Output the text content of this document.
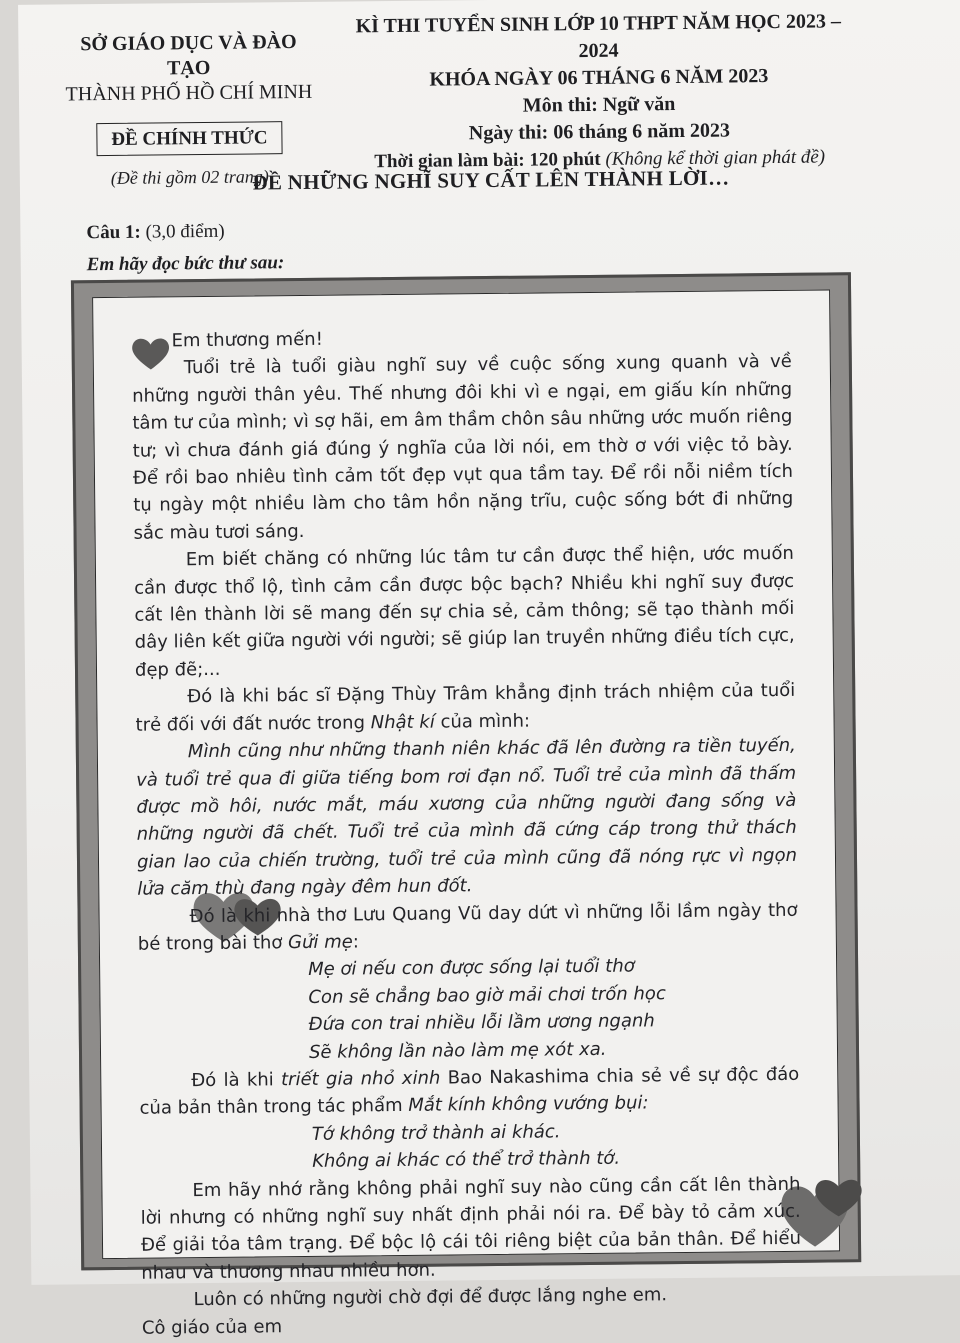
SỞ GIÁO DỤC VÀ ĐÀO TẠO
THÀNH PHỐ HỒ CHÍ MINH
ĐỀ CHÍNH THỨC
(Đề thi gồm 02 trang)
KÌ THI TUYỂN SINH LỚP 10 THPT NĂM HỌC 2023 – 2024
KHÓA NGÀY 06 THÁNG 6 NĂM 2023
Môn thi: Ngữ văn
Ngày thi: 06 tháng 6 năm 2023
Thời gian làm bài: 120 phút (Không kể thời gian phát đề)
ĐỀ NHỮNG NGHĨ SUY CẤT LÊN THÀNH LỜI…
Câu 1: (3,0 điểm)
Em hãy đọc bức thư sau:

Em thương mến!

Tuổi trẻ là tuổi giàu nghĩ suy về cuộc sống xung quanh và về những người thân yêu. Thế nhưng đôi khi vì e ngại, em giấu kín những tâm tư của mình; vì sợ hãi, em âm thầm chôn sâu những ước muốn riêng tư; vì chưa đánh giá đúng ý nghĩa của lời nói, em thờ ơ với việc tỏ bày. Để rồi bao nhiêu tình cảm tốt đẹp vụt qua tầm tay. Để rồi nỗi niềm tích tụ ngày một nhiều làm cho tâm hồn nặng trĩu, cuộc sống bớt đi những sắc màu tươi sáng.

Em biết chăng có những lúc tâm tư cần được thể hiện, ước muốn cần được thổ lộ, tình cảm cần được bộc bạch? Nhiều khi nghĩ suy được cất lên thành lời sẽ mang đến sự chia sẻ, cảm thông; sẽ tạo thành mối dây liên kết giữa người với người; sẽ giúp lan truyền những điều tích cực, đẹp đẽ;...

Đó là khi bác sĩ Đặng Thùy Trâm khẳng định trách nhiệm của tuổi trẻ đối với đất nước trong Nhật kí của mình:

Mình cũng như những thanh niên khác đã lên đường ra tiền tuyến, và tuổi trẻ qua đi giữa tiếng bom rơi đạn nổ. Tuổi trẻ của mình đã thấm được mồ hôi, nước mắt, máu xương của những người đang sống và những người đã chết. Tuổi trẻ của mình đã cứng cáp trong thử thách gian lao của chiến trường, tuổi trẻ của mình cũng đã nóng rực vì ngọn lửa căm thù đang ngày đêm hun đốt.

Đó là khi nhà thơ Lưu Quang Vũ day dứt vì những lỗi lầm ngày thơ bé trong bài thơ Gửi mẹ:

Mẹ ơi nếu con được sống lại tuổi thơ

Con sẽ chẳng bao giờ mải chơi trốn học

Đứa con trai nhiều lỗi lầm ương ngạnh

Sẽ không lần nào làm mẹ xót xa.

Đó là khi triết gia nhỏ xinh Bao Nakashima chia sẻ về sự độc đáo của bản thân trong tác phẩm Mắt kính không vướng bụi:

Tớ không trở thành ai khác.

Không ai khác có thể trở thành tớ.

Em hãy nhớ rằng không phải nghĩ suy nào cũng cần cất lên thành lời nhưng có những nghĩ suy nhất định phải nói ra. Để bày tỏ cảm xúc. Để giải tỏa tâm trạng. Để bộc lộ cái tôi riêng biệt của bản thân. Để hiểu nhau và thương nhau nhiều hơn.

Luôn có những người chờ đợi để được lắng nghe em.

Cô giáo của em
